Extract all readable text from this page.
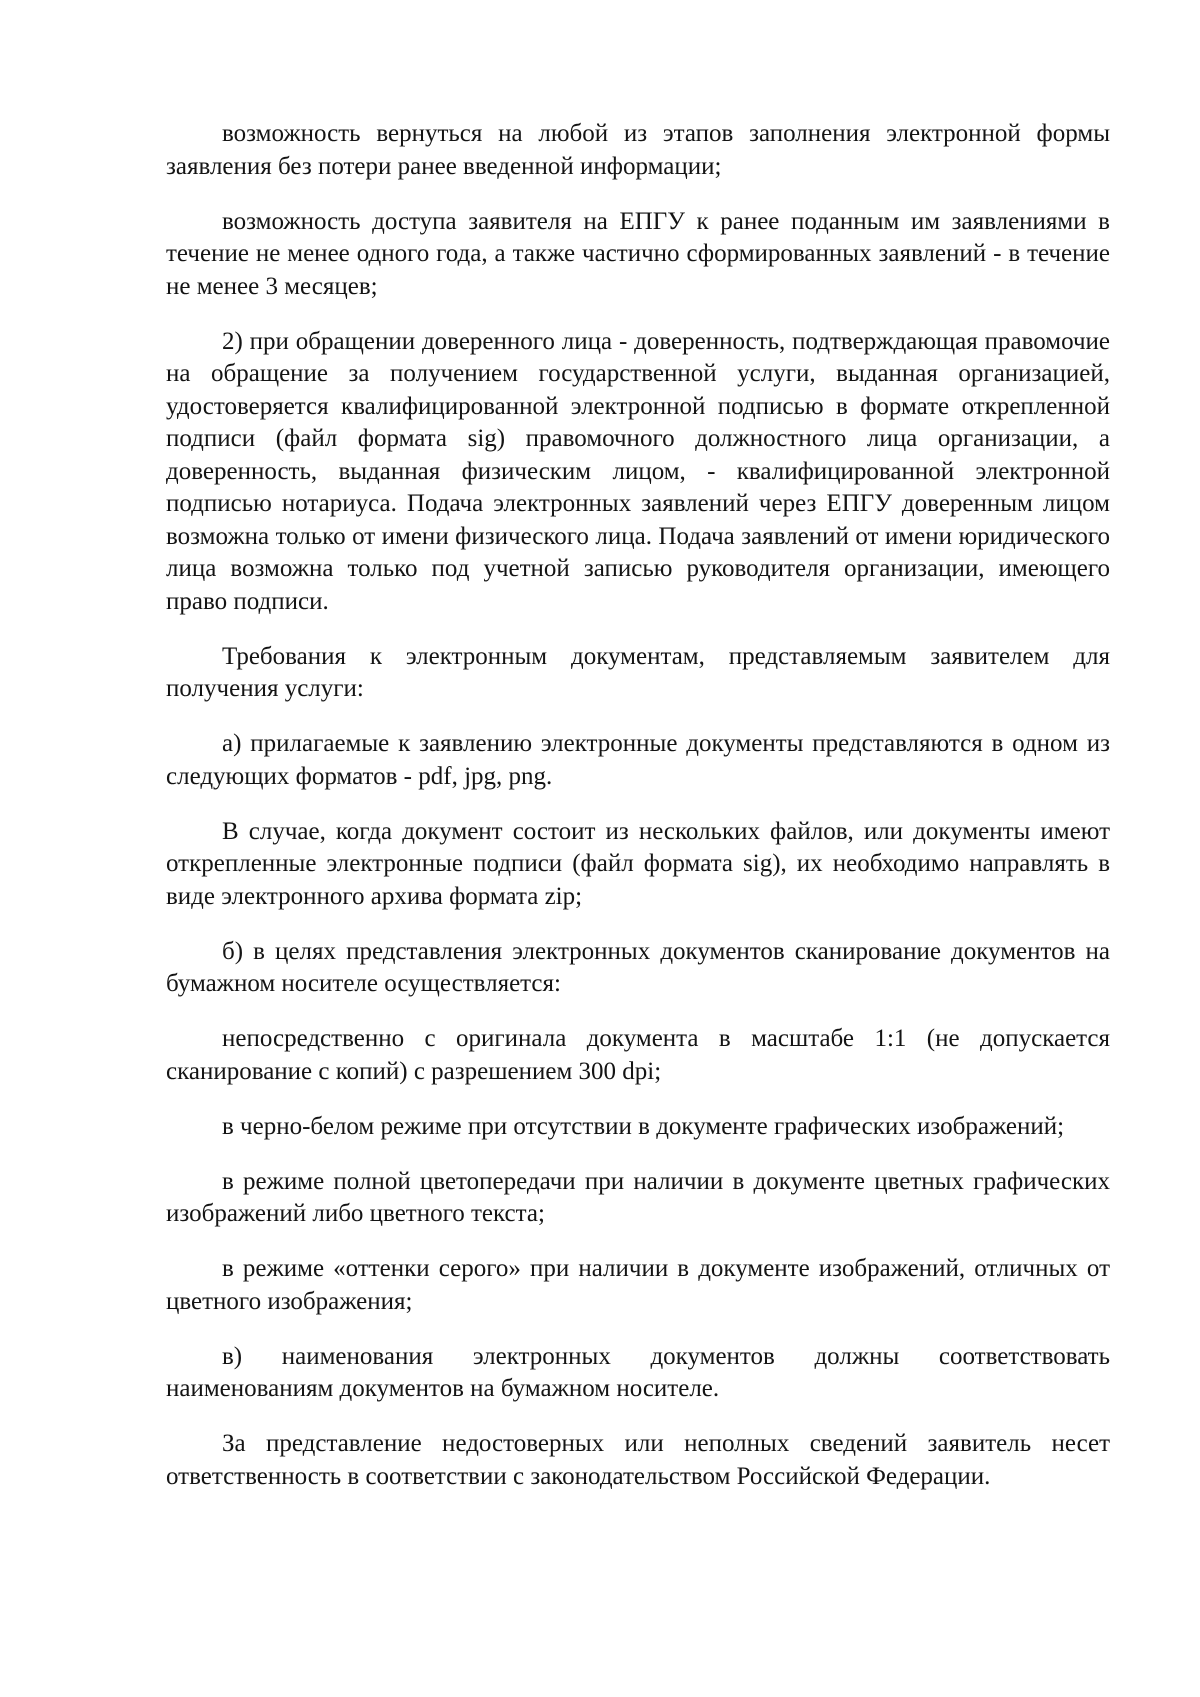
возможность вернуться на любой из этапов заполнения электронной формы заявления без потери ранее введенной информации;

возможность доступа заявителя на ЕПГУ к ранее поданным им заявлениями в течение не менее одного года, а также частично сформированных заявлений - в течение не менее 3 месяцев;

2) при обращении доверенного лица - доверенность, подтверждающая правомочие на обращение за получением государственной услуги, выданная организацией, удостоверяется квалифицированной электронной подписью в формате открепленной подписи (файл формата sig) правомочного должностного лица организации, а доверенность, выданная физическим лицом, - квалифицированной электронной подписью нотариуса. Подача электронных заявлений через ЕПГУ доверенным лицом возможна только от имени физического лица. Подача заявлений от имени юридического лица возможна только под учетной записью руководителя организации, имеющего право подписи.

Требования к электронным документам, представляемым заявителем для получения услуги:

а) прилагаемые к заявлению электронные документы представляются в одном из следующих форматов - pdf, jpg, png.

В случае, когда документ состоит из нескольких файлов, или документы имеют открепленные электронные подписи (файл формата sig), их необходимо направлять в виде электронного архива формата zip;

б) в целях представления электронных документов сканирование документов на бумажном носителе осуществляется:

непосредственно с оригинала документа в масштабе 1:1 (не допускается сканирование с копий) с разрешением 300 dpi;

в черно-белом режиме при отсутствии в документе графических изображений;

в режиме полной цветопередачи при наличии в документе цветных графических изображений либо цветного текста;

в режиме «оттенки серого» при наличии в документе изображений, отличных от цветного изображения;

в) наименования электронных документов должны соответствовать наименованиям документов на бумажном носителе.

За представление недостоверных или неполных сведений заявитель несет ответственность в соответствии с законодательством Российской Федерации.
